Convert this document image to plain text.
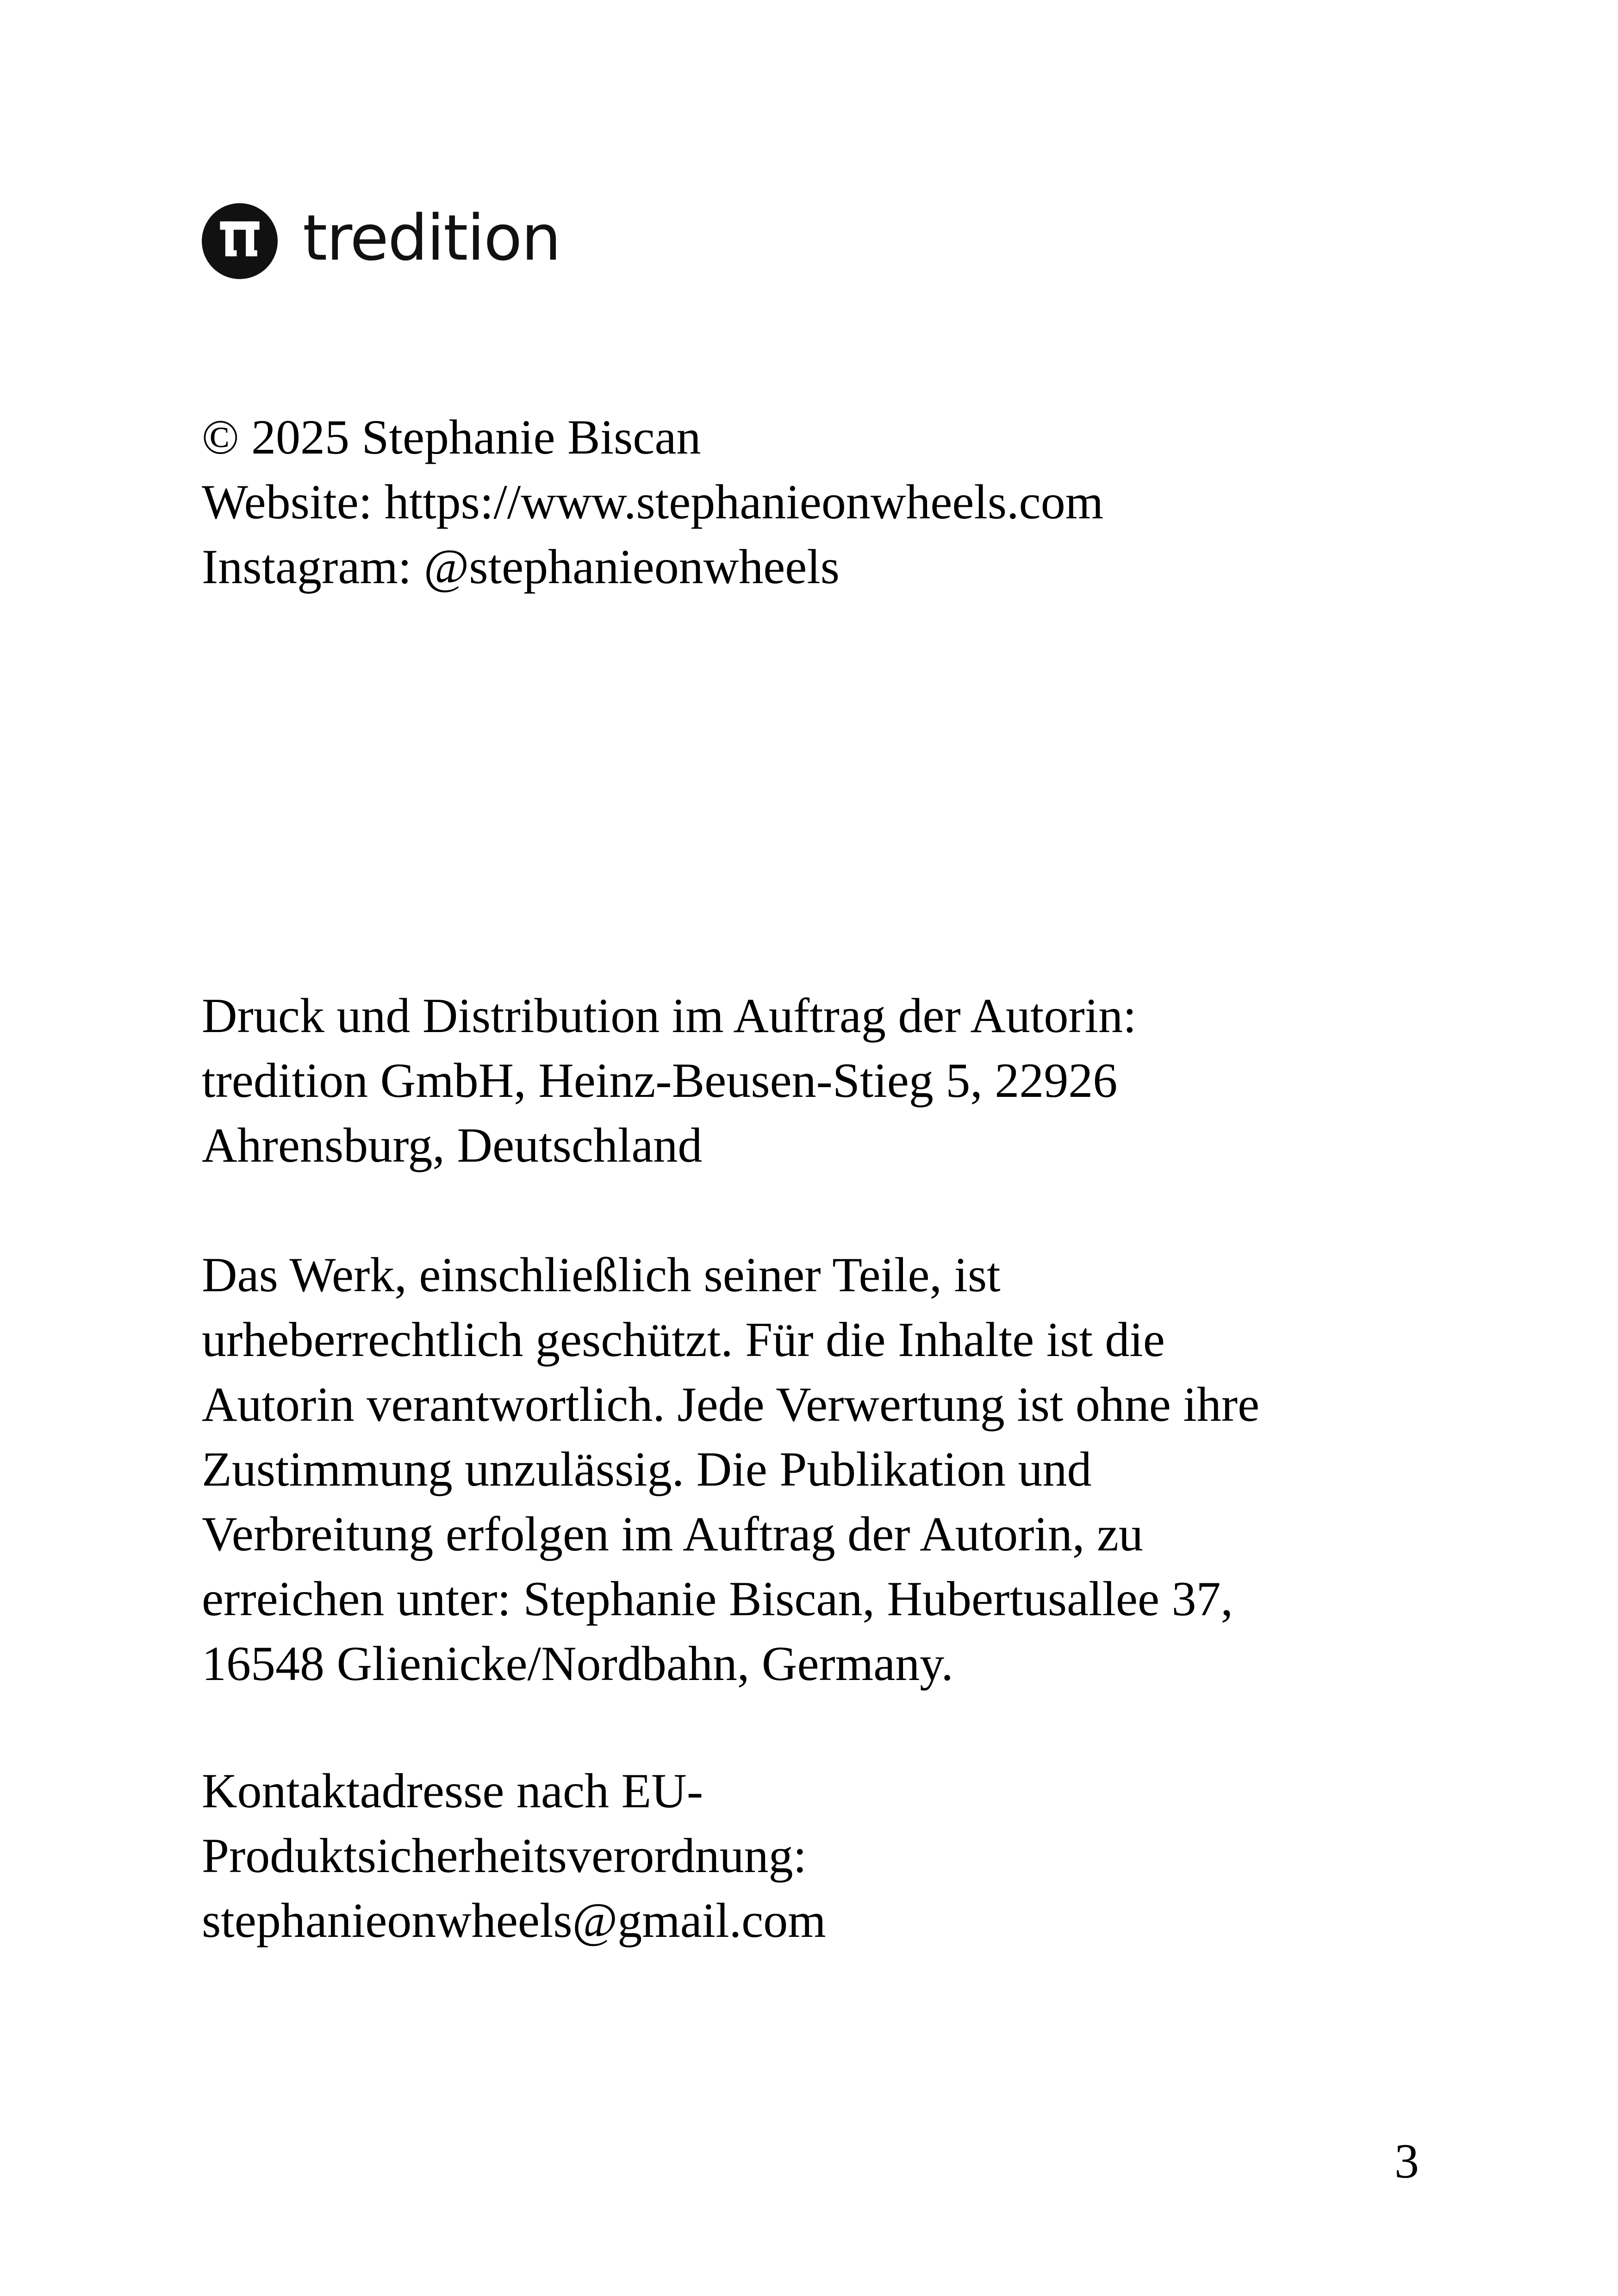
tredition
© 2025 Stephanie Biscan
Website: https://www.stephanieonwheels.com
Instagram: @stephanieonwheels
Druck und Distribution im Auftrag der Autorin:
tredition GmbH, Heinz-Beusen-Stieg 5, 22926
Ahrensburg, Deutschland
Das Werk, einschließlich seiner Teile, ist
urheberrechtlich geschützt. Für die Inhalte ist die
Autorin verantwortlich. Jede Verwertung ist ohne ihre
Zustimmung unzulässig. Die Publikation und
Verbreitung erfolgen im Auftrag der Autorin, zu
erreichen unter: Stephanie Biscan, Hubertusallee 37,
16548 Glienicke/Nordbahn, Germany.
Kontaktadresse nach EU-
Produktsicherheitsverordnung:
stephanieonwheels@gmail.com
3
